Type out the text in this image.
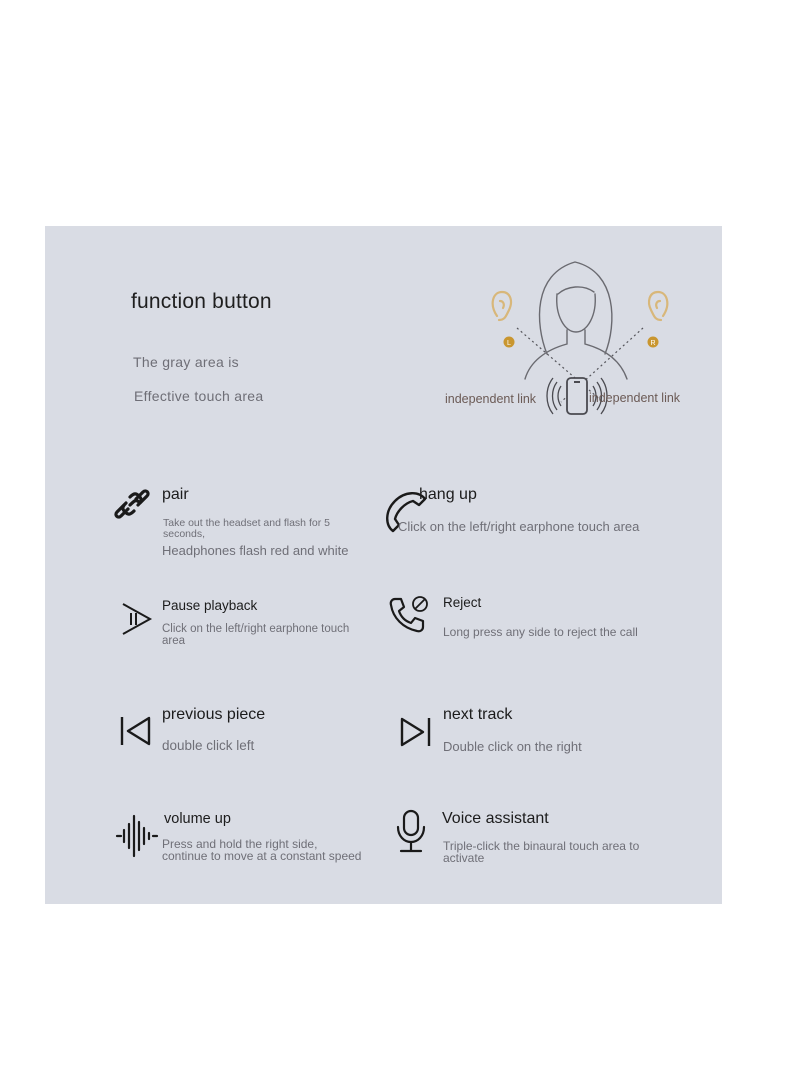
function button
The gray area is
Effective touch area
L	R
independent link	independent link
pair
Take out the headset and flash for 5 seconds,
Headphones flash red and white
hang up
Click on the left/right earphone touch area
Pause playback
Click on the left/right earphone touch area
Reject
Long press any side to reject the call
previous piece
double click left
next track
Double click on the right
volume up
Press and hold the right side, continue to move at a constant speed
Voice assistant
Triple-click the binaural touch area to activate
